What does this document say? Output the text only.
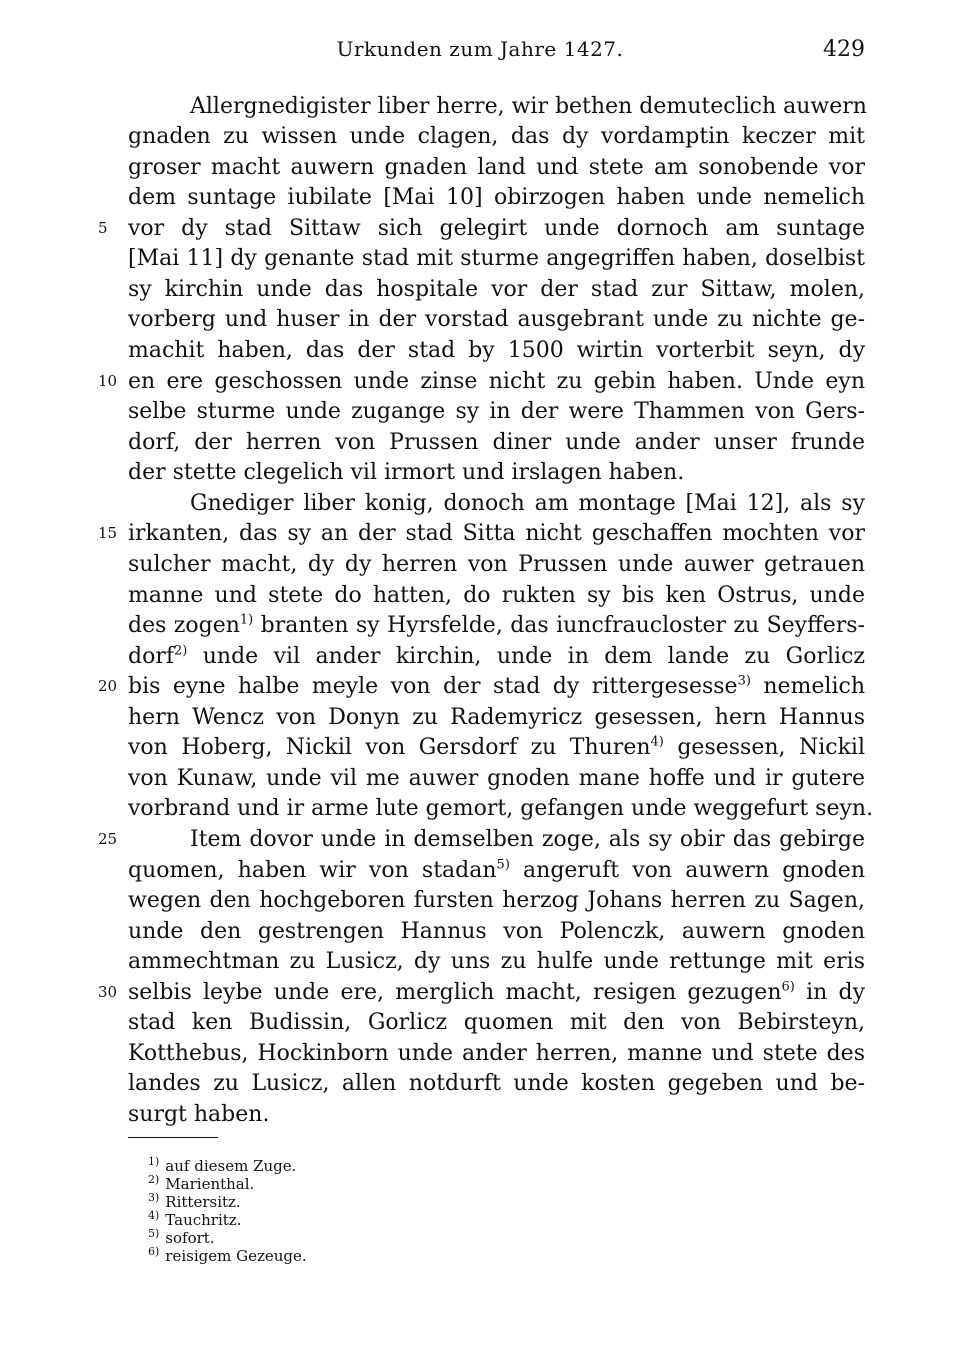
Urkunden zum Jahre 1427.	429
Allergnedigister liber herre, wir bethen demuteclich auwern
gnaden zu wissen unde clagen, das dy vordamptin keczer mit
groser macht auwern gnaden land und stete am sonobende vor
dem suntage iubilate [Mai 10] obirzogen haben unde nemelich
5 vor dy stad Sittaw sich gelegirt unde dornoch am suntage
[Mai 11] dy genante stad mit sturme angegriffen haben, doselbist
sy kirchin unde das hospitale vor der stad zur Sittaw, molen,
vorberg und huser in der vorstad ausgebrant unde zu nichte ge-
machit haben, das der stad by 1500 wirtin vorterbit seyn, dy
10 en ere geschossen unde zinse nicht zu gebin haben. Unde eyn
selbe sturme unde zugange sy in der were Thammen von Gers-
dorf, der herren von Prussen diner unde ander unser frunde
der stette clegelich vil irmort und irslagen haben.
Gnediger liber konig, donoch am montage [Mai 12], als sy
15 irkanten, das sy an der stad Sitta nicht geschaffen mochten vor
sulcher macht, dy dy herren von Prussen unde auwer getrauen
manne und stete do hatten, do rukten sy bis ken Ostrus, unde
des zogen$^{1)}$ branten sy Hyrsfelde, das iuncfraucloster zu Seyffers-
dorf$^{2)}$ unde vil ander kirchin, unde in dem lande zu Gorlicz
20 bis eyne halbe meyle von der stad dy rittergesesse$^{3)}$ nemelich
hern Wencz von Donyn zu Rademyricz gesessen, hern Hannus
von Hoberg, Nickil von Gersdorf zu Thuren$^{4)}$ gesessen, Nickil
von Kunaw, unde vil me auwer gnoden mane hoffe und ir gutere
vorbrand und ir arme lute gemort, gefangen unde weggefurt seyn.
25	Item dovor unde in demselben zoge, als sy obir das gebirge
quomen, haben wir von stadan$^{5)}$ angeruft von auwern gnoden
wegen den hochgeboren fursten herzog Johans herren zu Sagen,
unde den gestrengen Hannus von Polenczk, auwern gnoden
ammechtman zu Lusicz, dy uns zu hulfe unde rettunge mit eris
30 selbis leybe unde ere, merglich macht, resigen gezugen$^{6)}$ in dy
stad ken Budissin, Gorlicz quomen mit den von Bebirsteyn,
Kotthebus, Hockinborn unde ander herren, manne und stete des
landes zu Lusicz, allen notdurft unde kosten gegeben und be-
surgt haben.
$^{1)}$ auf diesem Zuge.
$^{2)}$ Marienthal.
$^{3)}$ Rittersitz.
$^{4)}$ Tauchritz.
$^{5)}$ sofort.
$^{6)}$ reisigem Gezeuge.
